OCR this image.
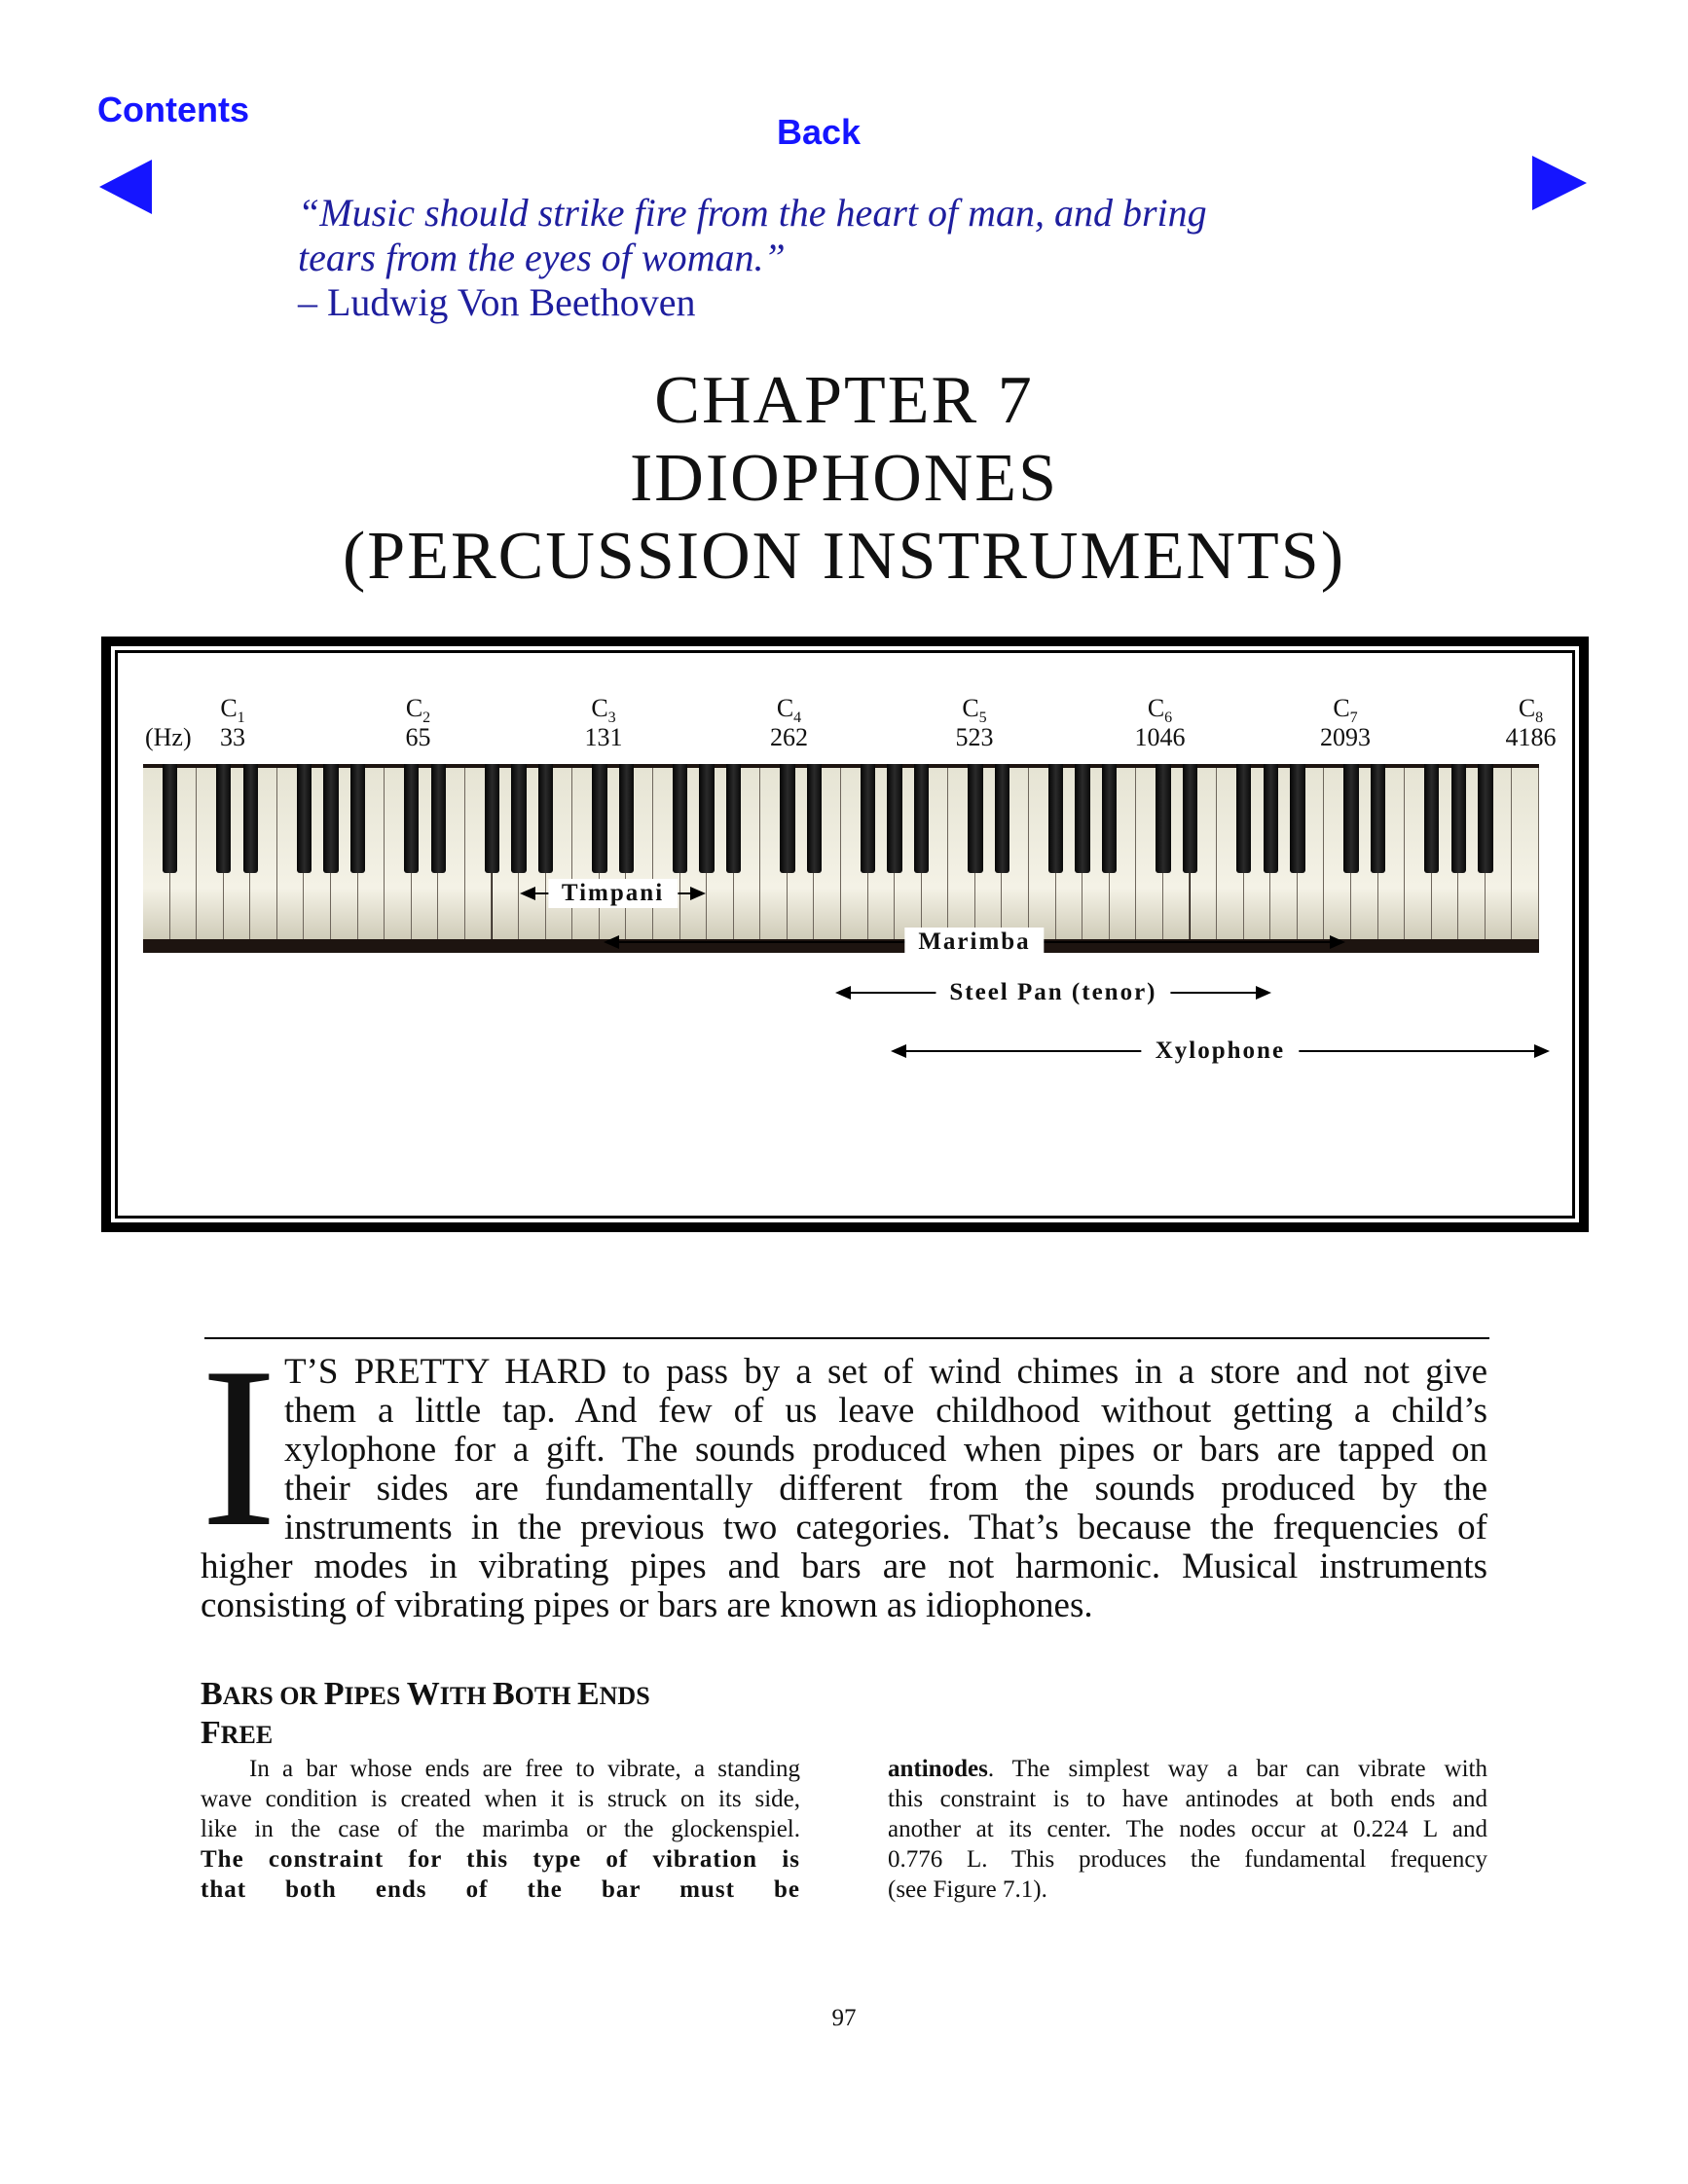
Contents
Back
“Music should strike fire from the heart of man, and bring
tears from the eyes of woman.”
– Ludwig Von Beethoven
CHAPTER 7
IDIOPHONES
(PERCUSSION INSTRUMENTS)
(Hz)
$C_1$
33
$C_2$
65
$C_3$
131
$C_4$
262
$C_5$
523
$C_6$
1046
$C_7$
2093
$C_8$
4186
Timpani
Marimba
Steel Pan (tenor)
Xylophone
I T’S PRETTY HARD to pass by a set of wind chimes in a store and not give
them a little tap. And few of us leave childhood without getting a child’s
xylophone for a gift. The sounds produced when pipes or bars are tapped on
their sides are fundamentally different from the sounds produced by the
instruments in the previous two categories. That’s because the frequencies of
higher modes in vibrating pipes and bars are not harmonic. Musical instruments
consisting of vibrating pipes or bars are known as idiophones.
BARS OR PIPES WITH BOTH ENDS
FREE
In a bar whose ends are free to vibrate, a standing
wave condition is created when it is struck on its side,
like in the case of the marimba or the glockenspiel.
The constraint for this type of vibration is
that both ends of the bar must be
antinodes. The simplest way a bar can vibrate with
this constraint is to have antinodes at both ends and
another at its center. The nodes occur at 0.224 L and
0.776 L. This produces the fundamental frequency
(see Figure 7.1).
97
